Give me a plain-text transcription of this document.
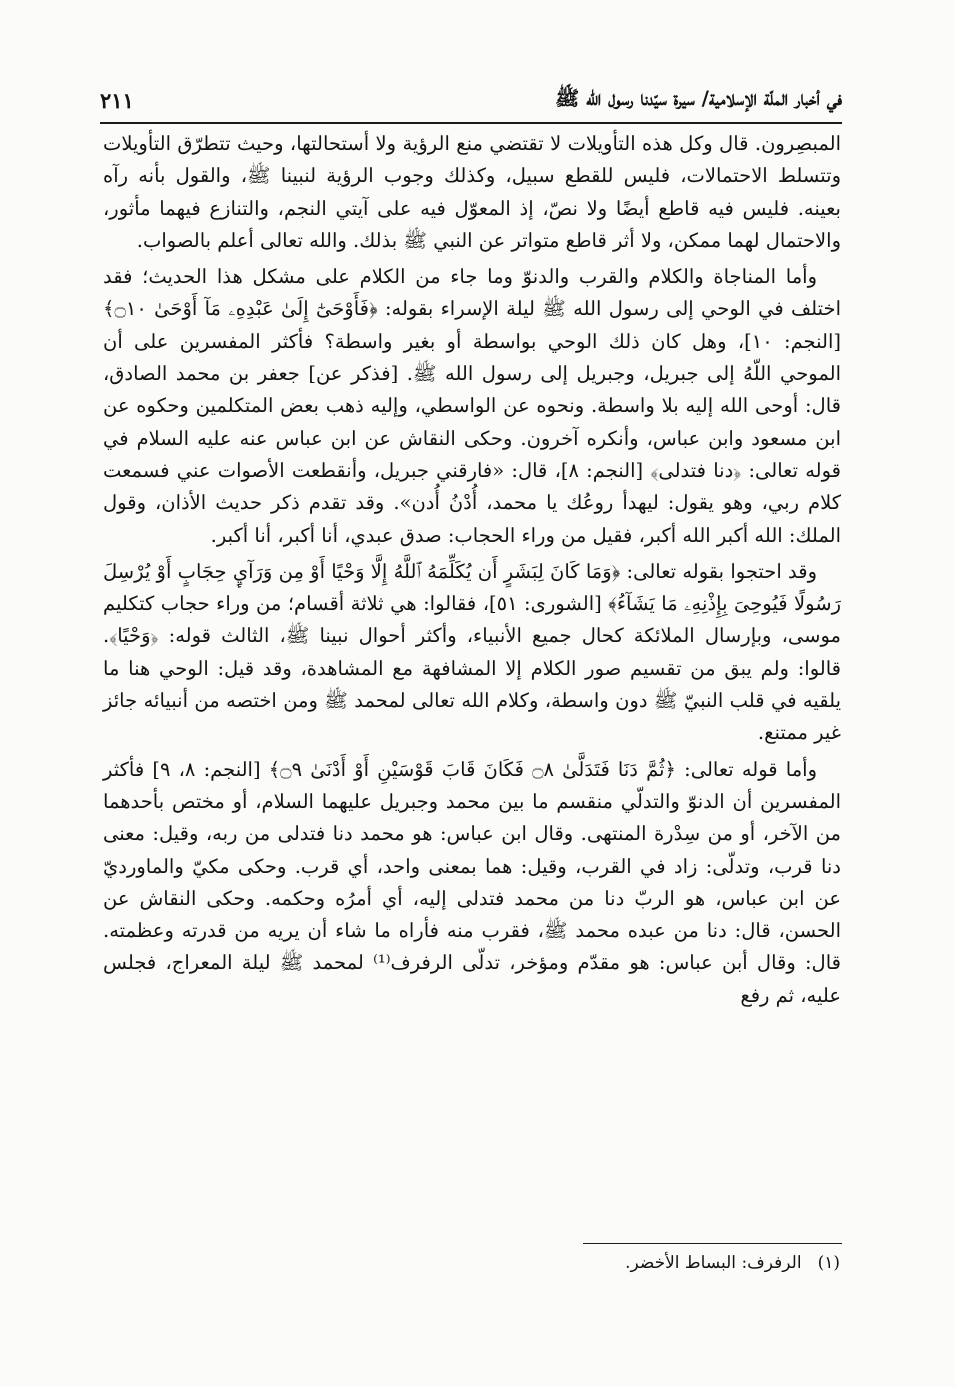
في أخبار الملّة الإسلامية/ سيرة سيّدنا رسول الله ﷺ
٢١١

المبصِرون. قال وكل هذه التأويلات لا تقتضي منع الرؤية ولا أستحالتها، وحيث تتطرّق التأويلات وتتسلط الاحتمالات، فليس للقطع سبيل، وكذلك وجوب الرؤية لنبينا ﷺ، والقول بأنه رآه بعينه. فليس فيه قاطع أيضًا ولا نصّ، إذ المعوّل فيه على آيتي النجم، والتنازع فيهما مأثور، والاحتمال لهما ممكن، ولا أثر قاطع متواتر عن النبي ﷺ بذلك. والله تعالى أعلم بالصواب.

وأما المناجاة والكلام والقرب والدنوّ وما جاء من الكلام على مشكل هذا الحديث؛ فقد اختلف في الوحي إلى رسول الله ﷺ ليلة الإسراء بقوله: ﴿فَأَوْحَىٰٓ إِلَىٰ عَبْدِهِۦ مَآ أَوْحَىٰ ۝١٠﴾ [النجم: ١٠]، وهل كان ذلك الوحي بواسطة أو بغير واسطة؟ فأكثر المفسرين على أن الموحي اللّهُ إلى جبريل، وجبريل إلى رسول الله ﷺ. [فذكر عن] جعفر بن محمد الصادق، قال: أوحى الله إليه بلا واسطة. ونحوه عن الواسطي، وإليه ذهب بعض المتكلمين وحكوه عن ابن مسعود وابن عباس، وأنكره آخرون. وحكى النقاش عن ابن عباس عنه عليه السلام في قوله تعالى: ﴿دنا فتدلى﴾ [النجم: ٨]، قال: «فارقني جبريل، وأنقطعت الأصوات عني فسمعت كلام ربي، وهو يقول: ليهدأ روعُك يا محمد، أُدْنُ أُدن». وقد تقدم ذكر حديث الأذان، وقول الملك: الله أكبر الله أكبر، فقيل من وراء الحجاب: صدق عبدي، أنا أكبر، أنا أكبر.

وقد احتجوا بقوله تعالى: ﴿وَمَا كَانَ لِبَشَرٍ أَن يُكَلِّمَهُ ٱللَّهُ إِلَّا وَحْيًا أَوْ مِن وَرَآيِٕ حِجَابٍ أَوْ يُرْسِلَ رَسُولًا فَيُوحِىَ بِإِذْنِهِۦ مَا يَشَآءُ﴾ [الشورى: ٥١]، فقالوا: هي ثلاثة أقسام؛ من وراء حجاب كتكليم موسى، وبإرسال الملائكة كحال جميع الأنبياء، وأكثر أحوال نبينا ﷺ، الثالث قوله: ﴿وَحْيًا﴾. قالوا: ولم يبق من تقسيم صور الكلام إلا المشافهة مع المشاهدة، وقد قيل: الوحي هنا ما يلقيه في قلب النبيّ ﷺ دون واسطة، وكلام الله تعالى لمحمد ﷺ ومن اختصه من أنبيائه جائز غير ممتنع.

وأما قوله تعالى: ﴿ثُمَّ دَنَا فَتَدَلَّىٰ ۝٨ فَكَانَ قَابَ قَوْسَيْنِ أَوْ أَدْنَىٰ ۝٩﴾ [النجم: ٨، ٩] فأكثر المفسرين أن الدنوّ والتدلّي منقسم ما بين محمد وجبريل عليهما السلام، أو مختص بأحدهما من الآخر، أو من سِدْرة المنتهى. وقال ابن عباس: هو محمد دنا فتدلى من ربه، وقيل: معنى دنا قرب، وتدلّى: زاد في القرب، وقيل: هما بمعنى واحد، أي قرب. وحكى مكيّ والماورديّ عن ابن عباس، هو الربّ دنا من محمد فتدلى إليه، أي أمرُه وحكمه. وحكى النقاش عن الحسن، قال: دنا من عبده محمد ﷺ، فقرب منه فأراه ما شاء أن يريه من قدرته وعظمته. قال: وقال أبن عباس: هو مقدّم ومؤخر، تدلّى الرفرف⁽¹⁾ لمحمد ﷺ ليلة المعراج، فجلس عليه، ثم رفع

(١)الرفرف: البساط الأخضر.
